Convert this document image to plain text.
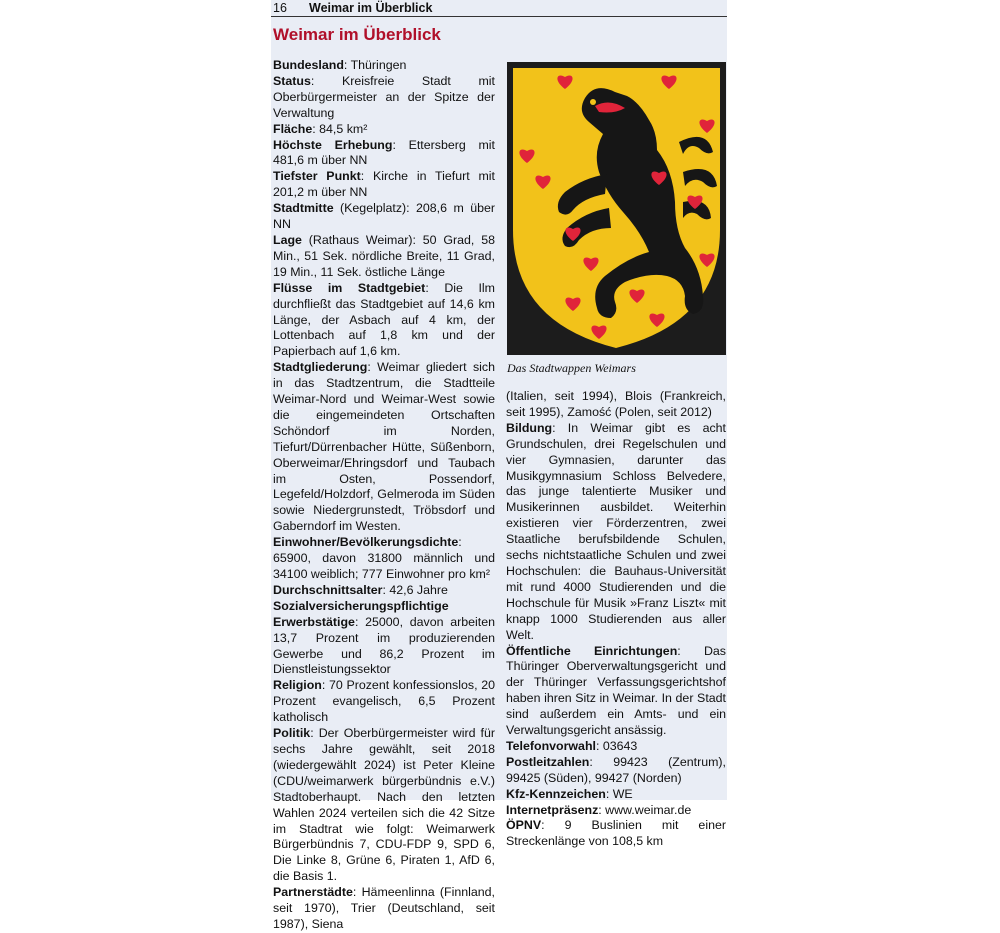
16 Weimar im Überblick
Weimar im Überblick

Bundesland: Thüringen

Status: Kreisfreie Stadt mit Oberbürgermeister an der Spitze der Verwaltung

Fläche: 84,5 km²

Höchste Erhebung: Ettersberg mit 481,6 m über NN

Tiefster Punkt: Kirche in Tiefurt mit 201,2 m über NN

Stadtmitte (Kegelplatz): 208,6 m über NN

Lage (Rathaus Weimar): 50 Grad, 58 Min., 51 Sek. nördliche Breite, 11 Grad, 19 Min., 11 Sek. östliche Länge

Flüsse im Stadtgebiet: Die Ilm durchfließt das Stadtgebiet auf 14,6 km Länge, der Asbach auf 4 km, der Lottenbach auf 1,8 km und der Papierbach auf 1,6 km.

Stadtgliederung: Weimar gliedert sich in das Stadtzentrum, die Stadtteile Weimar-Nord und Weimar-West sowie die eingemeindeten Ortschaften Schöndorf im Norden, Tiefurt/Dürrenbacher Hütte, Süßenborn, Oberweimar/Ehringsdorf und Taubach im Osten, Possendorf, Legefeld/Holzdorf, Gelmeroda im Süden sowie Niedergrunstedt, Tröbsdorf und Gaberndorf im Westen.

Einwohner/Bevölkerungsdichte: 65900, davon 31800 männlich und 34100 weiblich; 777 Einwohner pro km²

Durchschnittsalter: 42,6 Jahre

Sozialversicherungspflichtige Erwerbstätige: 25000, davon arbeiten 13,7 Prozent im produzierenden Gewerbe und 86,2 Prozent im Dienstleistungssektor

Religion: 70 Prozent konfessionslos, 20 Prozent evangelisch, 6,5 Prozent katholisch

Politik: Der Oberbürgermeister wird für sechs Jahre gewählt, seit 2018 (wiedergewählt 2024) ist Peter Kleine (CDU/weimarwerk bürgerbündnis e.V.) Stadtoberhaupt. Nach den letzten Wahlen 2024 verteilen sich die 42 Sitze im Stadtrat wie folgt: Weimarwerk Bürgerbündnis 7, CDU-FDP 9, SPD 6, Die Linke 8, Grüne 6, Piraten 1, AfD 6, die Basis 1.

Partnerstädte: Hämeenlinna (Finnland, seit 1970), Trier (Deutschland, seit 1987), Siena

Das Stadtwappen Weimars

(Italien, seit 1994), Blois (Frankreich, seit 1995), Zamość (Polen, seit 2012)

Bildung: In Weimar gibt es acht Grundschulen, drei Regelschulen und vier Gymnasien, darunter das Musikgymnasium Schloss Belvedere, das junge talentierte Musiker und Musikerinnen ausbildet. Weiterhin existieren vier Förderzentren, zwei Staatliche berufsbildende Schulen, sechs nichtstaatliche Schulen und zwei Hochschulen: die Bauhaus-Universität mit rund 4000 Studierenden und die Hochschule für Musik »Franz Liszt« mit knapp 1000 Studierenden aus aller Welt.

Öffentliche Einrichtungen: Das Thüringer Oberverwaltungsgericht und der Thüringer Verfassungsgerichtshof haben ihren Sitz in Weimar. In der Stadt sind außerdem ein Amts- und ein Verwaltungsgericht ansässig.

Telefonvorwahl: 03643

Postleitzahlen: 99423 (Zentrum), 99425 (Süden), 99427 (Norden)

Kfz-Kennzeichen: WE

Internetpräsenz: www.weimar.de

ÖPNV: 9 Buslinien mit einer Streckenlänge von 108,5 km
